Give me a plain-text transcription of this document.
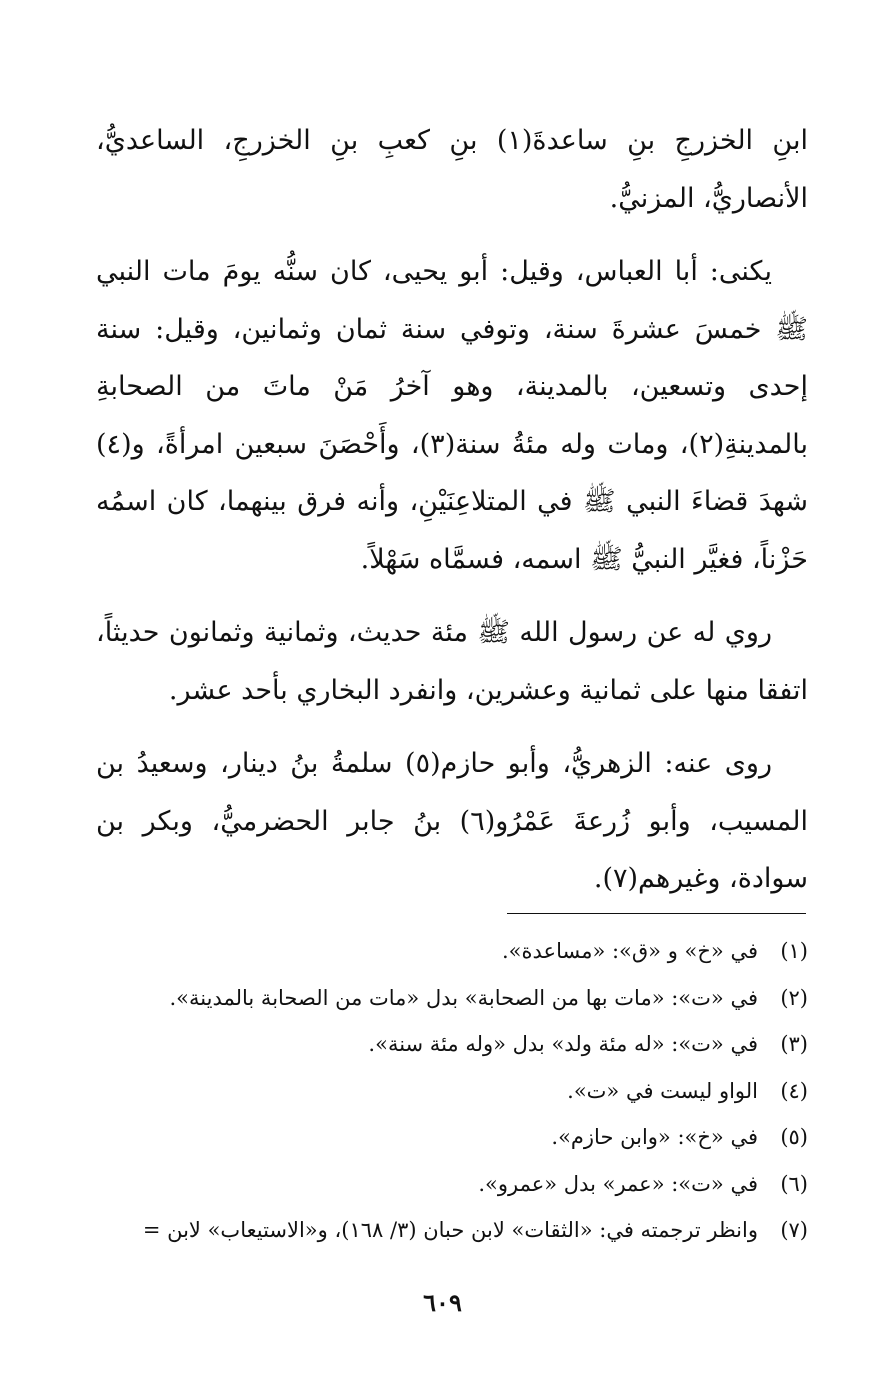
ابنِ الخزرجِ بنِ ساعدةَ(١) بنِ كعبِ بنِ الخزرجِ، الساعديُّ، الأنصاريُّ، المزنيُّ.

يكنى: أبا العباس، وقيل: أبو يحيى، كان سنُّه يومَ مات النبي ﷺ خمسَ عشرةَ سنة، وتوفي سنة ثمان وثمانين، وقيل: سنة إحدى وتسعين، بالمدينة، وهو آخرُ مَنْ ماتَ من الصحابةِ بالمدينةِ(٢)، ومات وله مئةُ سنة(٣)، وأَحْصَنَ سبعين امرأةً، و(٤) شهدَ قضاءَ النبي ﷺ في المتلاعِنَيْنِ، وأنه فرق بينهما، كان اسمُه حَزْناً، فغيَّر النبيُّ ﷺ اسمه، فسمَّاه سَهْلاً.

روي له عن رسول الله ﷺ مئة حديث، وثمانية وثمانون حديثاً، اتفقا منها على ثمانية وعشرين، وانفرد البخاري بأحد عشر.

روى عنه: الزهريُّ، وأبو حازم(٥) سلمةُ بنُ دينار، وسعيدُ بن المسيب، وأبو زُرعةَ عَمْرُو(٦) بنُ جابر الحضرميُّ، وبكر بن سوادة، وغيرهم(٧).

(١)
في «خ» و «ق»: «مساعدة».
(٢)
في «ت»: «مات بها من الصحابة» بدل «مات من الصحابة بالمدينة».
(٣)
في «ت»: «له مئة ولد» بدل «وله مئة سنة».
(٤)
الواو ليست في «ت».
(٥)
في «خ»: «وابن حازم».
(٦)
في «ت»: «عمر» بدل «عمرو».
(٧)
وانظر ترجمته في: «الثقات» لابن حبان (٣/ ١٦٨)، و«الاستيعاب» لابن =
٦٠٩
